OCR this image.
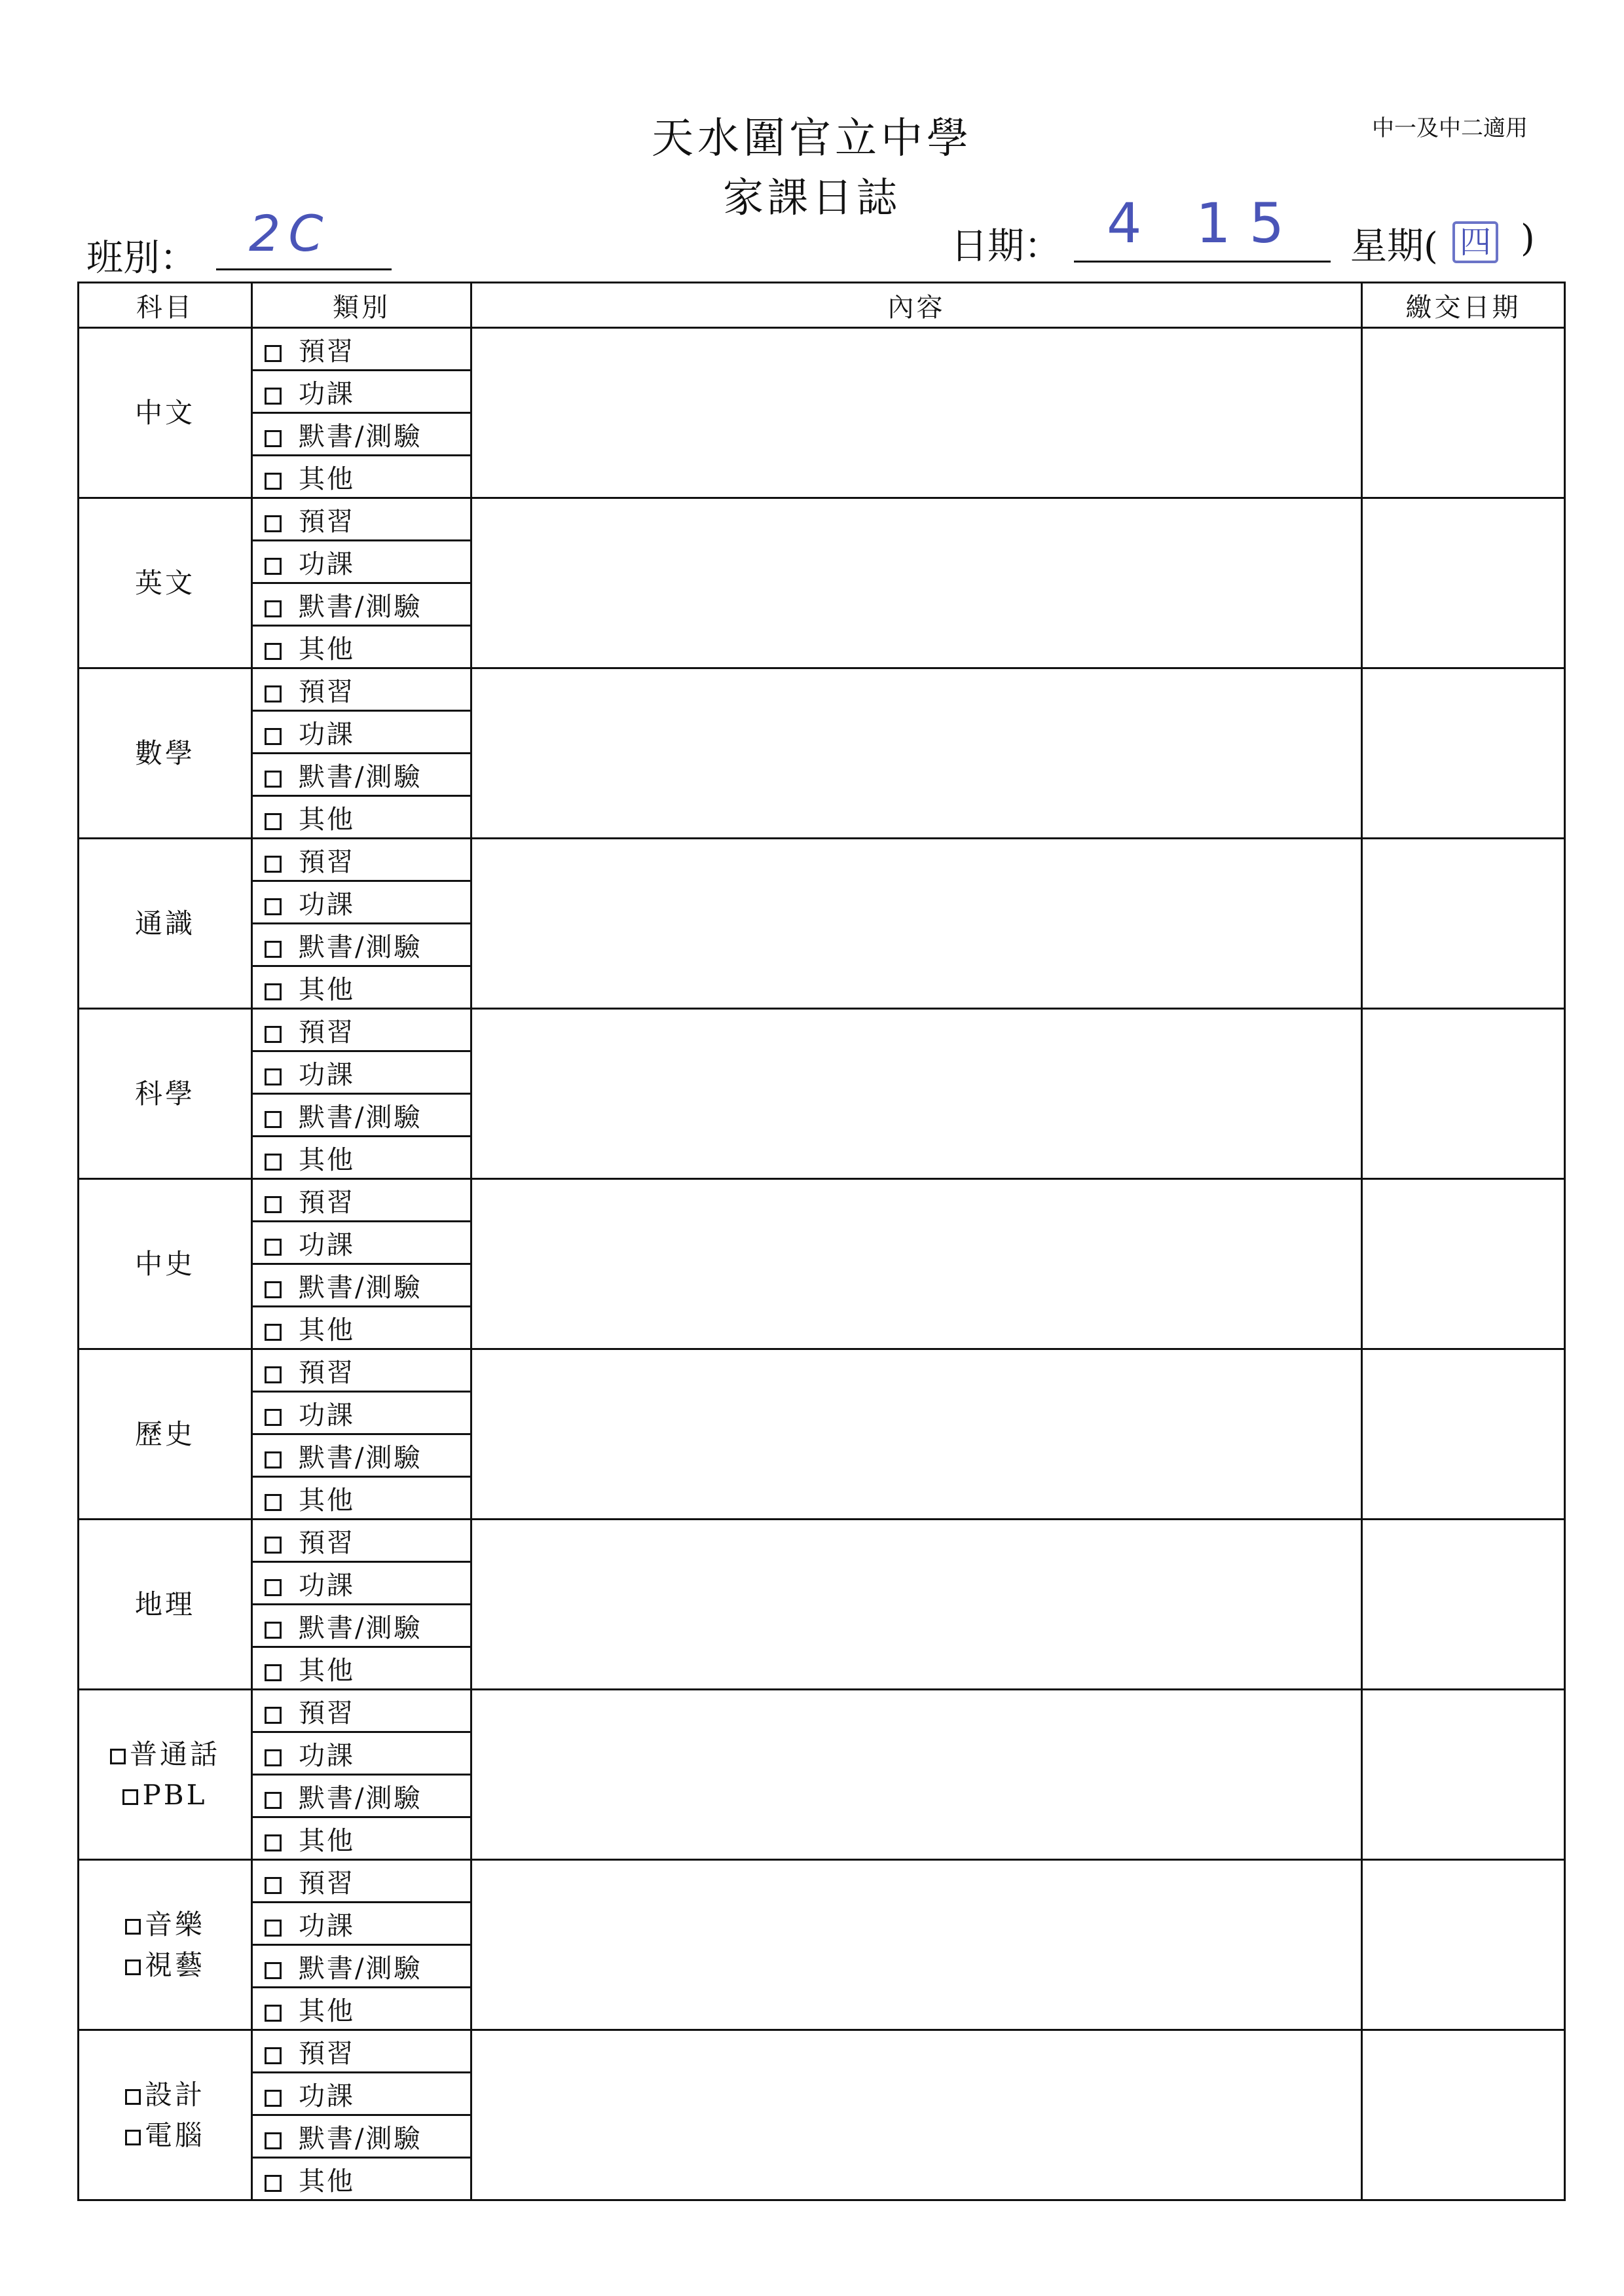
天水圍官立中學
家課日誌
中一及中二適用
班別： 2C	日期： 4 15 星期( 四 )
科目	類別	內容	繳交日期

中文	預習		
	功課		
	默書/測驗		
	其他		

英文	預習		
	功課		
	默書/測驗		
	其他		

數學	預習		
	功課		
	默書/測驗		
	其他		

通識	預習		
	功課		
	默書/測驗		
	其他		

科學	預習		
	功課		
	默書/測驗		
	其他		

中史	預習		
	功課		
	默書/測驗		
	其他		

歷史	預習		
	功課		
	默書/測驗		
	其他		

地理	預習		
	功課		
	默書/測驗		
	其他		

普通話
PBL	預習		
	功課		
	默書/測驗		
	其他		

音樂
視藝	預習		
	功課		
	默書/測驗		
	其他		

設計
電腦	預習		
	功課		
	默書/測驗		
	其他		
